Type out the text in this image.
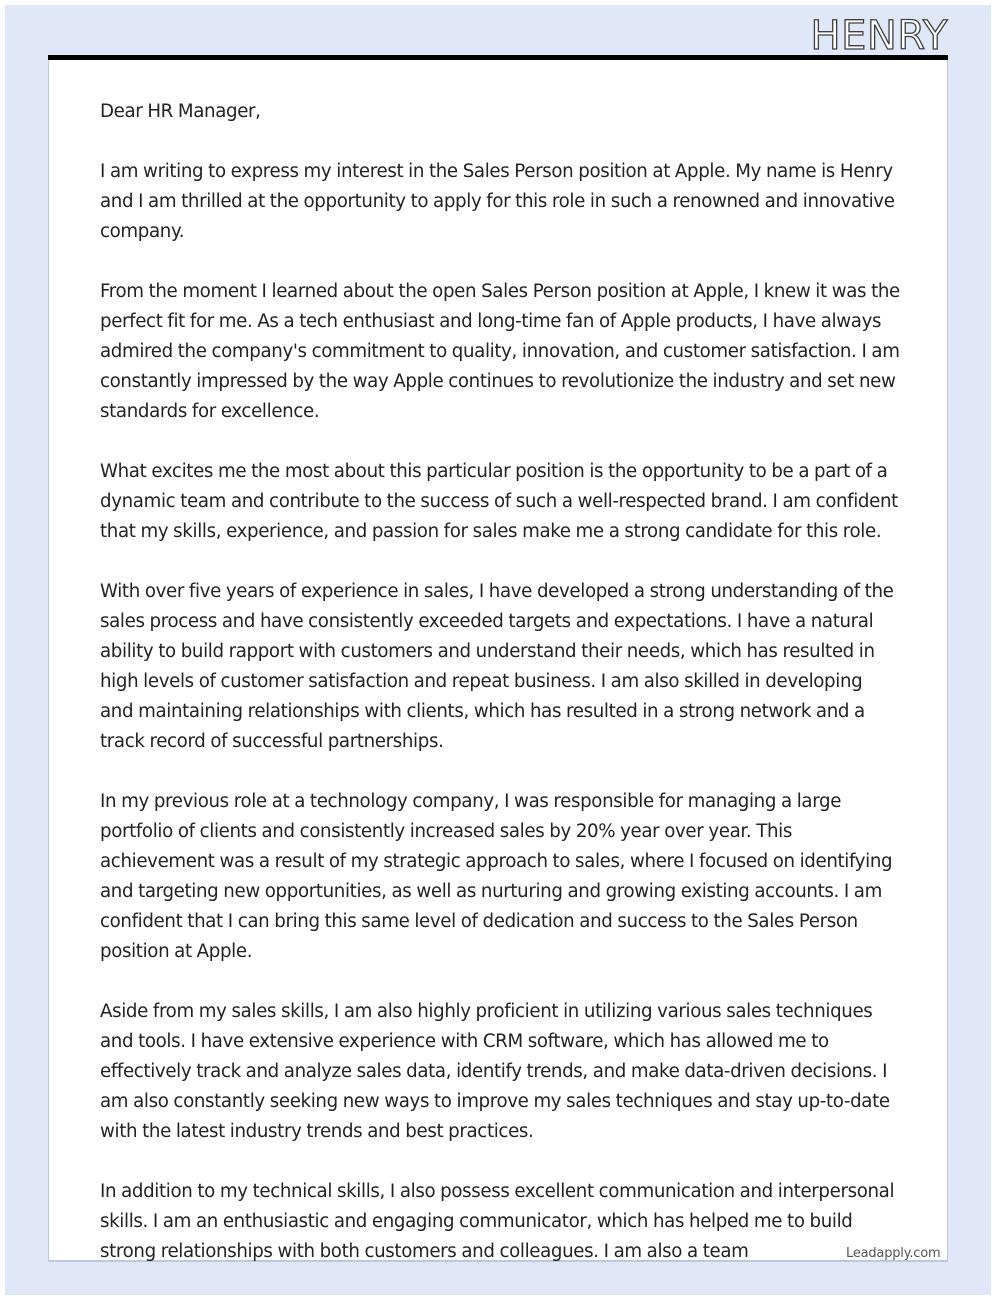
HENRY

Dear HR Manager,

I am writing to express my interest in the Sales Person position at Apple. My name is Henry and I am thrilled at the opportunity to apply for this role in such a renowned and innovative company.

From the moment I learned about the open Sales Person position at Apple, I knew it was the perfect fit for me. As a tech enthusiast and long-time fan of Apple products, I have always admired the company's commitment to quality, innovation, and customer satisfaction. I am constantly impressed by the way Apple continues to revolutionize the industry and set new standards for excellence.

What excites me the most about this particular position is the opportunity to be a part of a dynamic team and contribute to the success of such a well-respected brand. I am confident that my skills, experience, and passion for sales make me a strong candidate for this role.

With over five years of experience in sales, I have developed a strong understanding of the sales process and have consistently exceeded targets and expectations. I have a natural ability to build rapport with customers and understand their needs, which has resulted in high levels of customer satisfaction and repeat business. I am also skilled in developing and maintaining relationships with clients, which has resulted in a strong network and a track record of successful partnerships.

In my previous role at a technology company, I was responsible for managing a large portfolio of clients and consistently increased sales by 20% year over year. This achievement was a result of my strategic approach to sales, where I focused on identifying and targeting new opportunities, as well as nurturing and growing existing accounts. I am confident that I can bring this same level of dedication and success to the Sales Person position at Apple.

Aside from my sales skills, I am also highly proficient in utilizing various sales techniques and tools. I have extensive experience with CRM software, which has allowed me to effectively track and analyze sales data, identify trends, and make data-driven decisions. I am also constantly seeking new ways to improve my sales techniques and stay up-to-date with the latest industry trends and best practices.

In addition to my technical skills, I also possess excellent communication and interpersonal skills. I am an enthusiastic and engaging communicator, which has helped me to build strong relationships with both customers and colleagues. I am also a team	Leadapply.com
